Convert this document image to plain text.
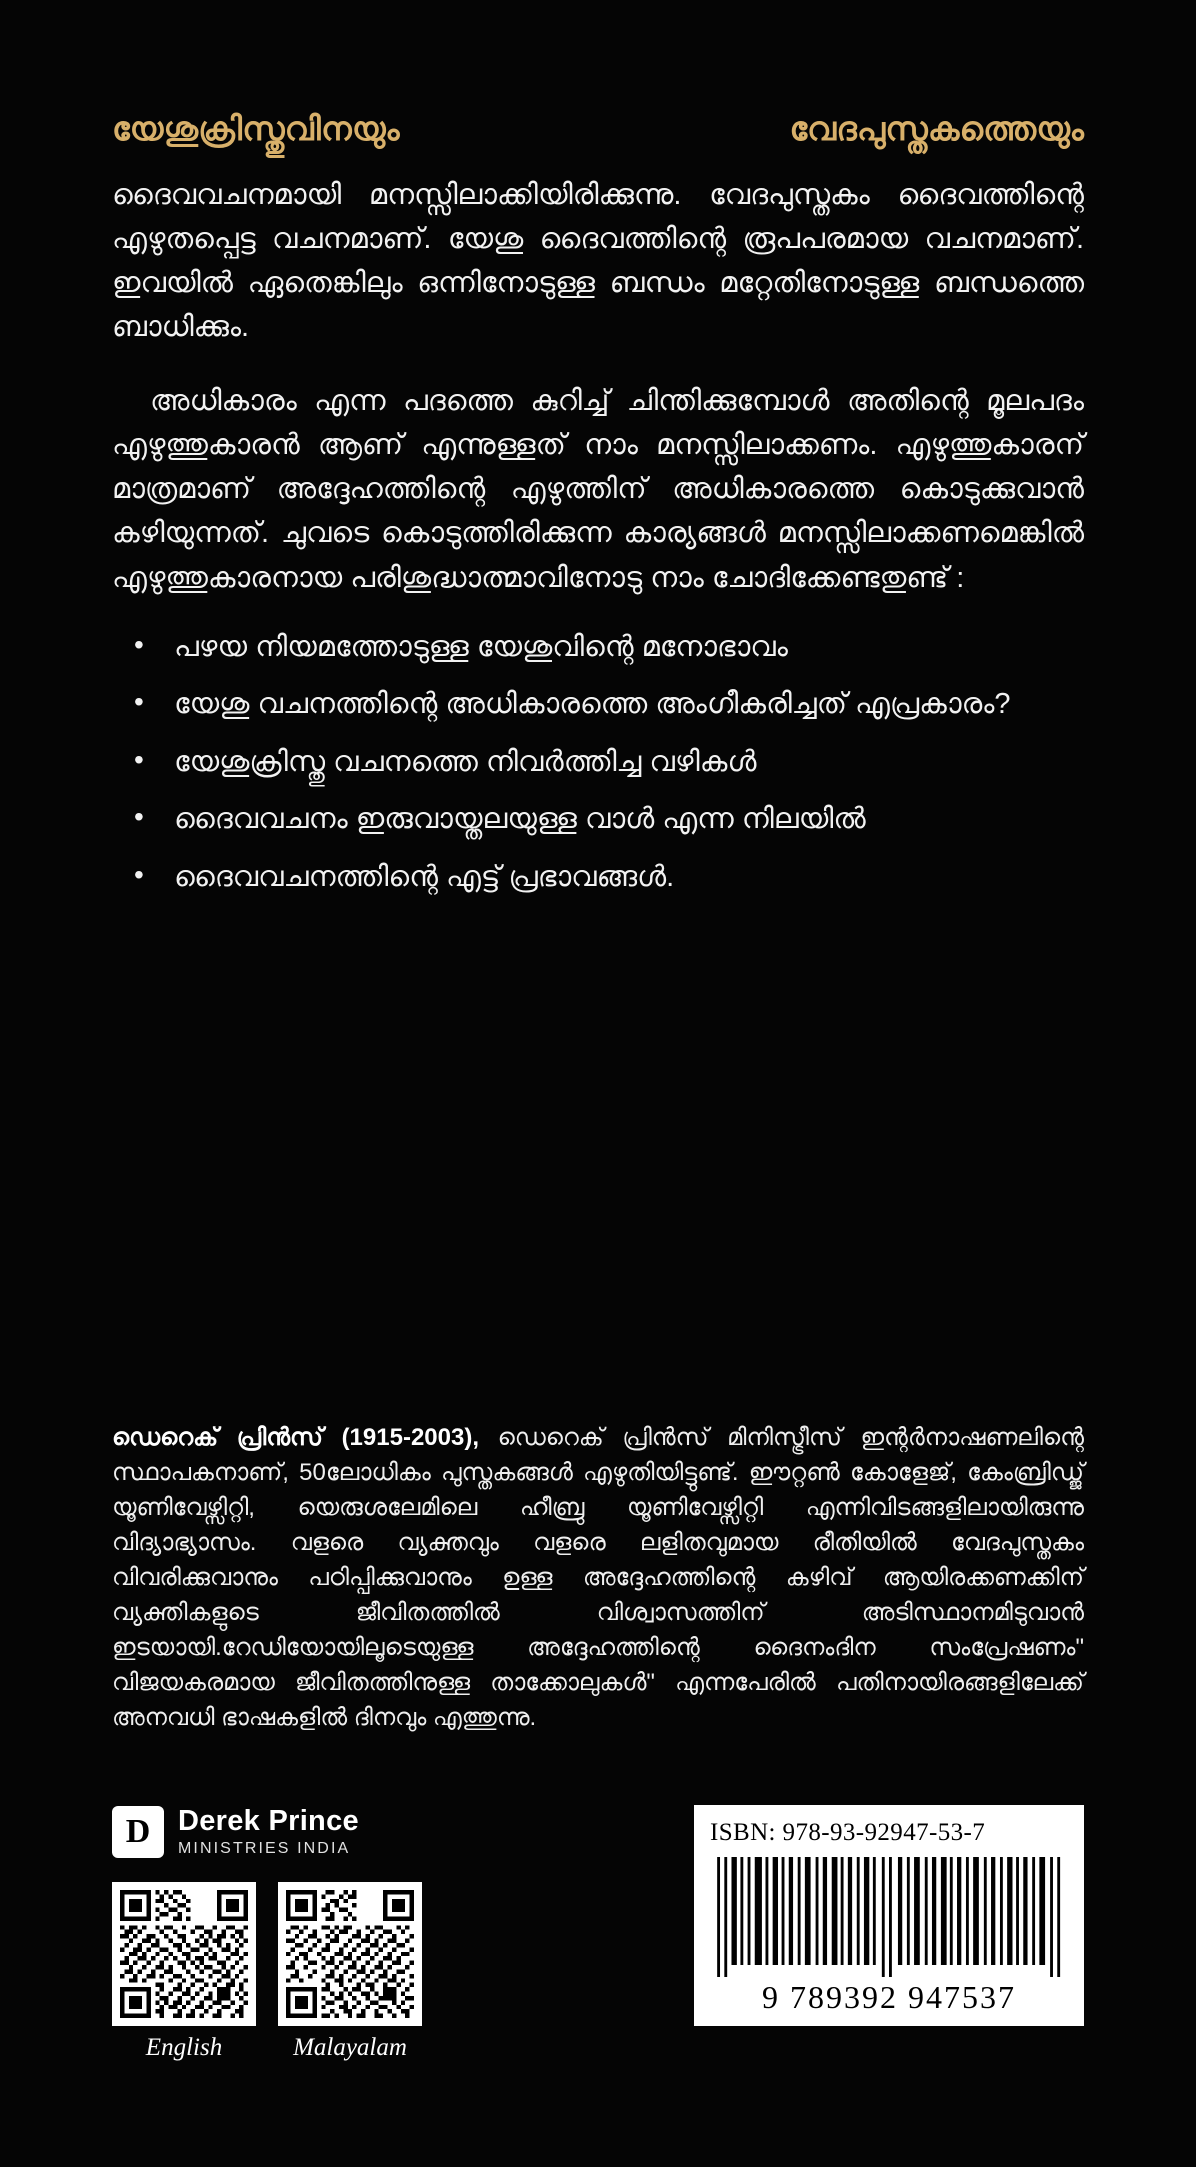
യേശുക്രിസ്തുവിനയും	വേദപുസ്തകത്തെയും

ദൈവവചനമായി മനസ്സിലാക്കിയിരിക്കുന്നു. വേദപുസ്തകം ദൈവത്തിന്റെ എഴുതപ്പെട്ട വചനമാണ്. യേശു ദൈവത്തിന്റെ രൂപപരമായ വചനമാണ്. ഇവയിൽ ഏതെങ്കിലും ഒന്നിനോടുള്ള ബന്ധം മറ്റേതിനോടുള്ള ബന്ധത്തെ ബാധിക്കും.

അധികാരം എന്ന പദത്തെ കുറിച്ച് ചിന്തിക്കുമ്പോൾ അതിന്റെ മൂലപദം എഴുത്തുകാരൻ ആണ് എന്നുള്ളത് നാം മനസ്സിലാക്കണം. എഴുത്തുകാരന് മാത്രമാണ് അദ്ദേഹത്തിന്റെ എഴുത്തിന് അധികാരത്തെ കൊടുക്കുവാൻ കഴിയുന്നത്. ചുവടെ കൊടുത്തിരിക്കുന്ന കാര്യങ്ങൾ മനസ്സിലാക്കണമെങ്കിൽ എഴുത്തുകാരനായ പരിശുദ്ധാത്മാവിനോടു നാം ചോദിക്കേണ്ടതുണ്ട് :

• പഴയ നിയമത്തോടുള്ള യേശുവിന്റെ മനോഭാവം
• യേശു വചനത്തിന്റെ അധികാരത്തെ അംഗീകരിച്ചത് എപ്രകാരം?
• യേശുക്രിസ്തു വചനത്തെ നിവർത്തിച്ച വഴികൾ
• ദൈവവചനം ഇരുവായ്തലയുള്ള വാൾ എന്ന നിലയിൽ
• ദൈവവചനത്തിന്റെ എട്ട് പ്രഭാവങ്ങൾ.
ഡെറെക് പ്രിൻസ് (1915-2003), ഡെറെക് പ്രിൻസ് മിനിസ്ട്രീസ് ഇന്റർനാഷണലിന്റെ സ്ഥാപകനാണ്, 50ലോധികം പുസ്തകങ്ങൾ എഴുതിയിട്ടുണ്ട്. ഈറ്റൺ കോളേജ്, കേംബ്രിഡ്ജ് യൂണിവേഴ്സിറ്റി, യെരുശലേമിലെ ഹീബ്രു യൂണിവേഴ്സിറ്റി എന്നിവിടങ്ങളിലായിരുന്നു വിദ്യാഭ്യാസം. വളരെ വ്യക്തവും വളരെ ലളിതവുമായ രീതിയിൽ വേദപുസ്തകം വിവരിക്കുവാനും പഠിപ്പിക്കുവാനും ഉള്ള അദ്ദേഹത്തിന്റെ കഴിവ് ആയിരക്കണക്കിന് വ്യക്തികളുടെ ജീവിതത്തിൽ വിശ്വാസത്തിന് അടിസ്ഥാനമിടുവാൻ ഇടയായി.റേഡിയോയിലൂടെയുള്ള അദ്ദേഹത്തിന്റെ ദൈനംദിന സംപ്രേഷണം" വിജയകരമായ ജീവിതത്തിനുള്ള താക്കോലുകൾ" എന്നപേരിൽ പതിനായിരങ്ങളിലേക്ക് അനവധി ഭാഷകളിൽ ദിനവും എത്തുന്നു.
D Derek Prince
MINISTRIES INDIA
English	Malayalam
ISBN: 978-93-92947-53-7
9 789392 947537
